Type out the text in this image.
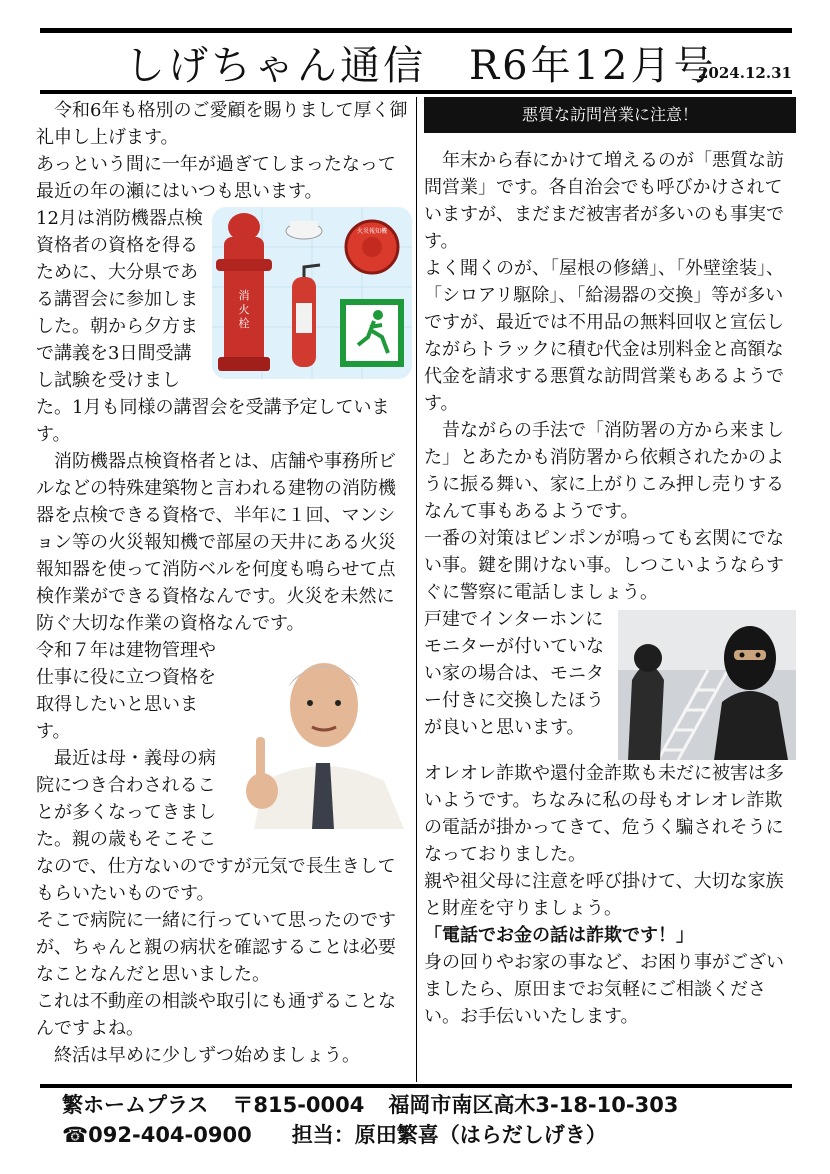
しげちゃん通信　R6年12月号
2024.12.31

令和6年も格別のご愛顧を賜りまして厚く御礼申し上げます。

あっという間に一年が過ぎてしまったなって最近の年の瀬にはいつも思います。

消
火
栓
火災報知機
12月は消防機器点検資格者の資格を得るために、大分県である講習会に参加しました。朝から夕方まで講義を3日間受講し試験を受けました。1月も同様の講習会を受講予定しています。

消防機器点検資格者とは、店舗や事務所ビルなどの特殊建築物と言われる建物の消防機器を点検できる資格で、半年に１回、マンション等の火災報知機で部屋の天井にある火災報知器を使って消防ベルを何度も鳴らせて点検作業ができる資格なんです。火災を未然に防ぐ大切な作業の資格なんです。

令和７年は建物管理や仕事に役に立つ資格を取得したいと思います。

最近は母・義母の病院につき合わされることが多くなってきました。親の歳もそこそこなので、仕方ないのですが元気で長生きしてもらいたいものです。

そこで病院に一緒に行っていて思ったのですが、ちゃんと親の病状を確認することは必要なことなんだと思いました。

これは不動産の相談や取引にも通ずることなんですよね。

終活は早めに少しずつ始めましょう。

悪質な訪問営業に注意！

年末から春にかけて増えるのが「悪質な訪問営業」です。各自治会でも呼びかけされていますが、まだまだ被害者が多いのも事実です。

よく聞くのが、「屋根の修繕」、「外壁塗装」、「シロアリ駆除」、「給湯器の交換」等が多いですが、最近では不用品の無料回収と宣伝しながらトラックに積む代金は別料金と高額な代金を請求する悪質な訪問営業もあるようです。

昔ながらの手法で「消防署の方から来ました」とあたかも消防署から依頼されたかのように振る舞い、家に上がりこみ押し売りするなんて事もあるようです。

一番の対策はピンポンが鳴っても玄関にでない事。鍵を開けない事。しつこいようならすぐに警察に電話しましょう。

戸建でインターホンにモニターが付いていない家の場合は、モニター付きに交換したほうが良いと思います。

オレオレ詐欺や還付金詐欺も未だに被害は多いようです。ちなみに私の母もオレオレ詐欺の電話が掛かってきて、危うく騙されそうになっておりました。

親や祖父母に注意を呼び掛けて、大切な家族と財産を守りましょう。

「電話でお金の話は詐欺です！」

身の回りやお家の事など、お困り事がございましたら、原田までお気軽にご相談ください。お手伝いいたします。

繁ホームプラス 〒815-0004 福岡市南区高木3-18-10-303
☎092-404-0900 担当：原田繁喜（はらだしげき）
